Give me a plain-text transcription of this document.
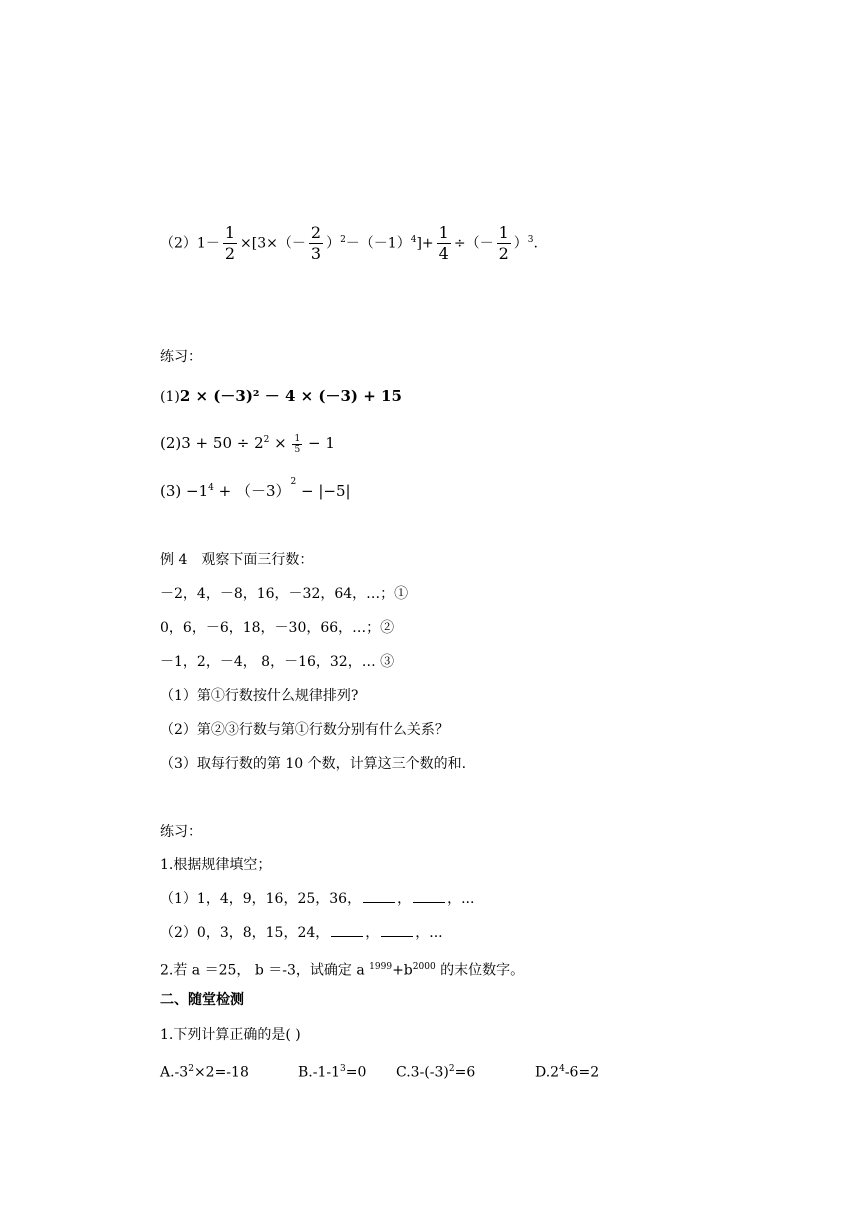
$(2)1- \frac{1}{2} \times[3\times(- \frac{2}{3} )^2-(-1)^4]+ \frac{1}{4}$ ÷（－ $\frac{1}{2} )^3$.
练习：
(1)2 × (－3)² － 4 × (－3) + 15
$(2)3 + 50 \div 2^2 \times \frac{1}{5} - 1$
$(3) -1^4 + (-3)^2 - |-5|$
例 4　观察下面三行数：
－2，4，－8，16，－32，64，…；①
0，6，－6，18，－30，66，…；②
－1，2，－4， 8，－16，32，… ③
（1）第①行数按什么规律排列?
（2）第②③行数与第①行数分别有什么关系？
（3）取每行数的第 10 个数，计算这三个数的和.
练习：
1.根据规律填空；
（1）1，4，9，16，25，36，	，	，...
（2）0，3，8，15，24，	，	，...
2.若 a ＝25， b ＝-3，试确定 a $^{1999}+b^{2000}$ 的末位数字。
二、随堂检测
1.下列计算正确的是( )
$A.-3^2\times 2=-18$	$B.-1-1^3=0$ $C.3-(-3)^2=6$	$D.2^4-6=2$
